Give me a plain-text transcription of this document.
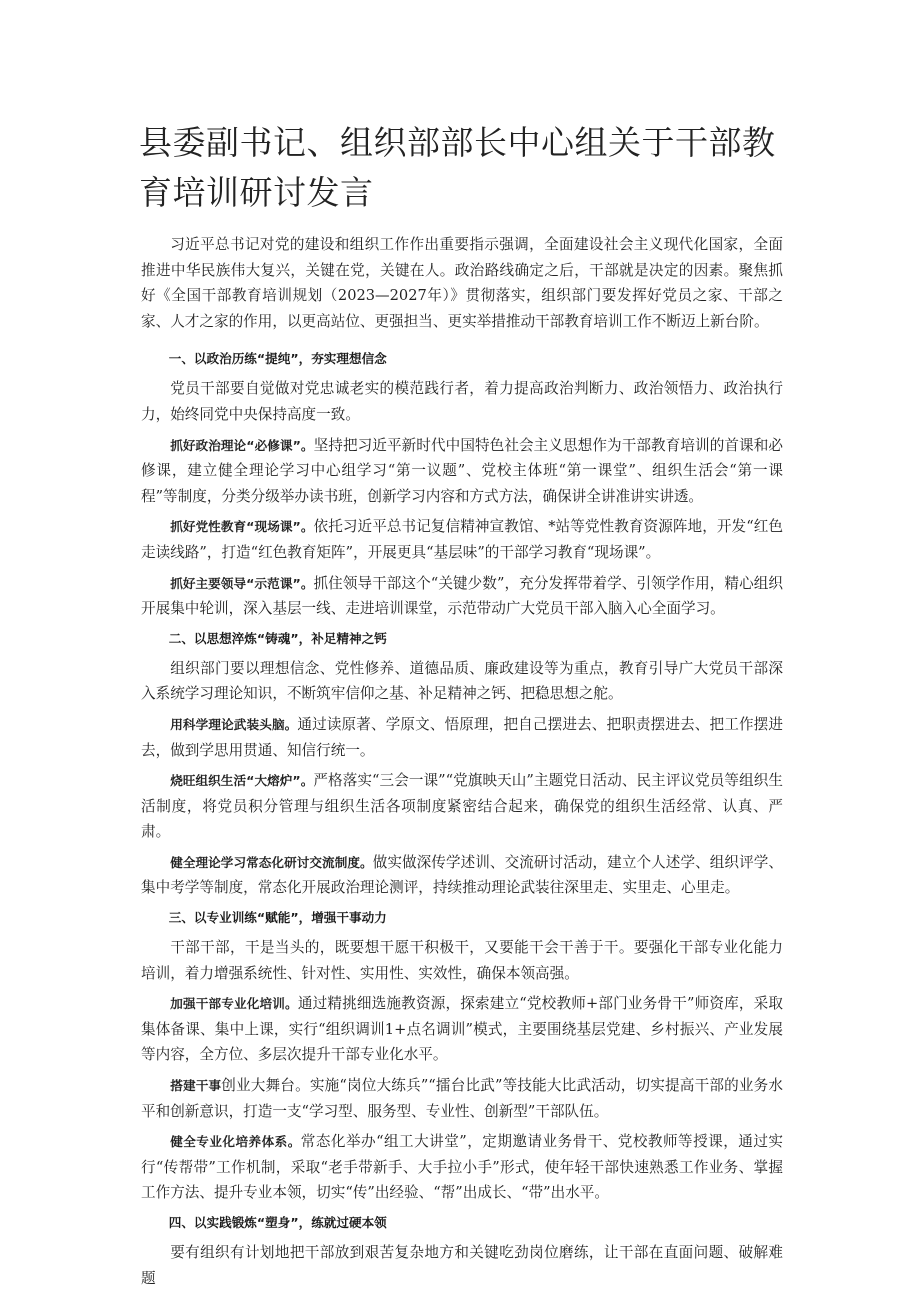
县委副书记、组织部部长中心组关于干部教育培训研讨发言

习近平总书记对党的建设和组织工作作出重要指示强调，全面建设社会主义现代化国家，全面推进中华民族伟大复兴，关键在党，关键在人。政治路线确定之后，干部就是决定的因素。聚焦抓好《全国干部教育培训规划（2023—2027年）》贯彻落实，组织部门要发挥好党员之家、干部之家、人才之家的作用，以更高站位、更强担当、更实举措推动干部教育培训工作不断迈上新台阶。

一、以政治历练“提纯”，夯实理想信念

党员干部要自觉做对党忠诚老实的模范践行者，着力提高政治判断力、政治领悟力、政治执行力，始终同党中央保持高度一致。

抓好政治理论“必修课”。坚持把习近平新时代中国特色社会主义思想作为干部教育培训的首课和必修课，建立健全理论学习中心组学习“第一议题”、党校主体班“第一课堂”、组织生活会“第一课程”等制度，分类分级举办读书班，创新学习内容和方式方法，确保讲全讲准讲实讲透。

抓好党性教育“现场课”。依托习近平总书记复信精神宣教馆、*站等党性教育资源阵地，开发“红色走读线路”，打造“红色教育矩阵”，开展更具“基层味”的干部学习教育“现场课”。

抓好主要领导“示范课”。抓住领导干部这个“关键少数”，充分发挥带着学、引领学作用，精心组织开展集中轮训，深入基层一线、走进培训课堂，示范带动广大党员干部入脑入心全面学习。

二、以思想淬炼“铸魂”，补足精神之钙

组织部门要以理想信念、党性修养、道德品质、廉政建设等为重点，教育引导广大党员干部深入系统学习理论知识，不断筑牢信仰之基、补足精神之钙、把稳思想之舵。

用科学理论武装头脑。通过读原著、学原文、悟原理，把自己摆进去、把职责摆进去、把工作摆进去，做到学思用贯通、知信行统一。

烧旺组织生活“大熔炉”。严格落实“三会一课”“党旗映天山”主题党日活动、民主评议党员等组织生活制度，将党员积分管理与组织生活各项制度紧密结合起来，确保党的组织生活经常、认真、严肃。

健全理论学习常态化研讨交流制度。做实做深传学述训、交流研讨活动，建立个人述学、组织评学、集中考学等制度，常态化开展政治理论测评，持续推动理论武装往深里走、实里走、心里走。

三、以专业训练“赋能”，增强干事动力

干部干部，干是当头的，既要想干愿干积极干，又要能干会干善于干。要强化干部专业化能力培训，着力增强系统性、针对性、实用性、实效性，确保本领高强。

加强干部专业化培训。通过精挑细选施教资源，探索建立“党校教师+部门业务骨干”师资库，采取集体备课、集中上课，实行“组织调训1+点名调训”模式，主要围绕基层党建、乡村振兴、产业发展等内容，全方位、多层次提升干部专业化水平。

搭建干事创业大舞台。实施“岗位大练兵”“擂台比武”等技能大比武活动，切实提高干部的业务水平和创新意识，打造一支“学习型、服务型、专业性、创新型”干部队伍。

健全专业化培养体系。常态化举办“组工大讲堂”，定期邀请业务骨干、党校教师等授课，通过实行“传帮带”工作机制，采取“老手带新手、大手拉小手”形式，使年轻干部快速熟悉工作业务、掌握工作方法、提升专业本领，切实“传”出经验、“帮”出成长、“带”出水平。

四、以实践锻炼“塑身”，练就过硬本领

要有组织有计划地把干部放到艰苦复杂地方和关键吃劲岗位磨练，让干部在直面问题、破解难题
